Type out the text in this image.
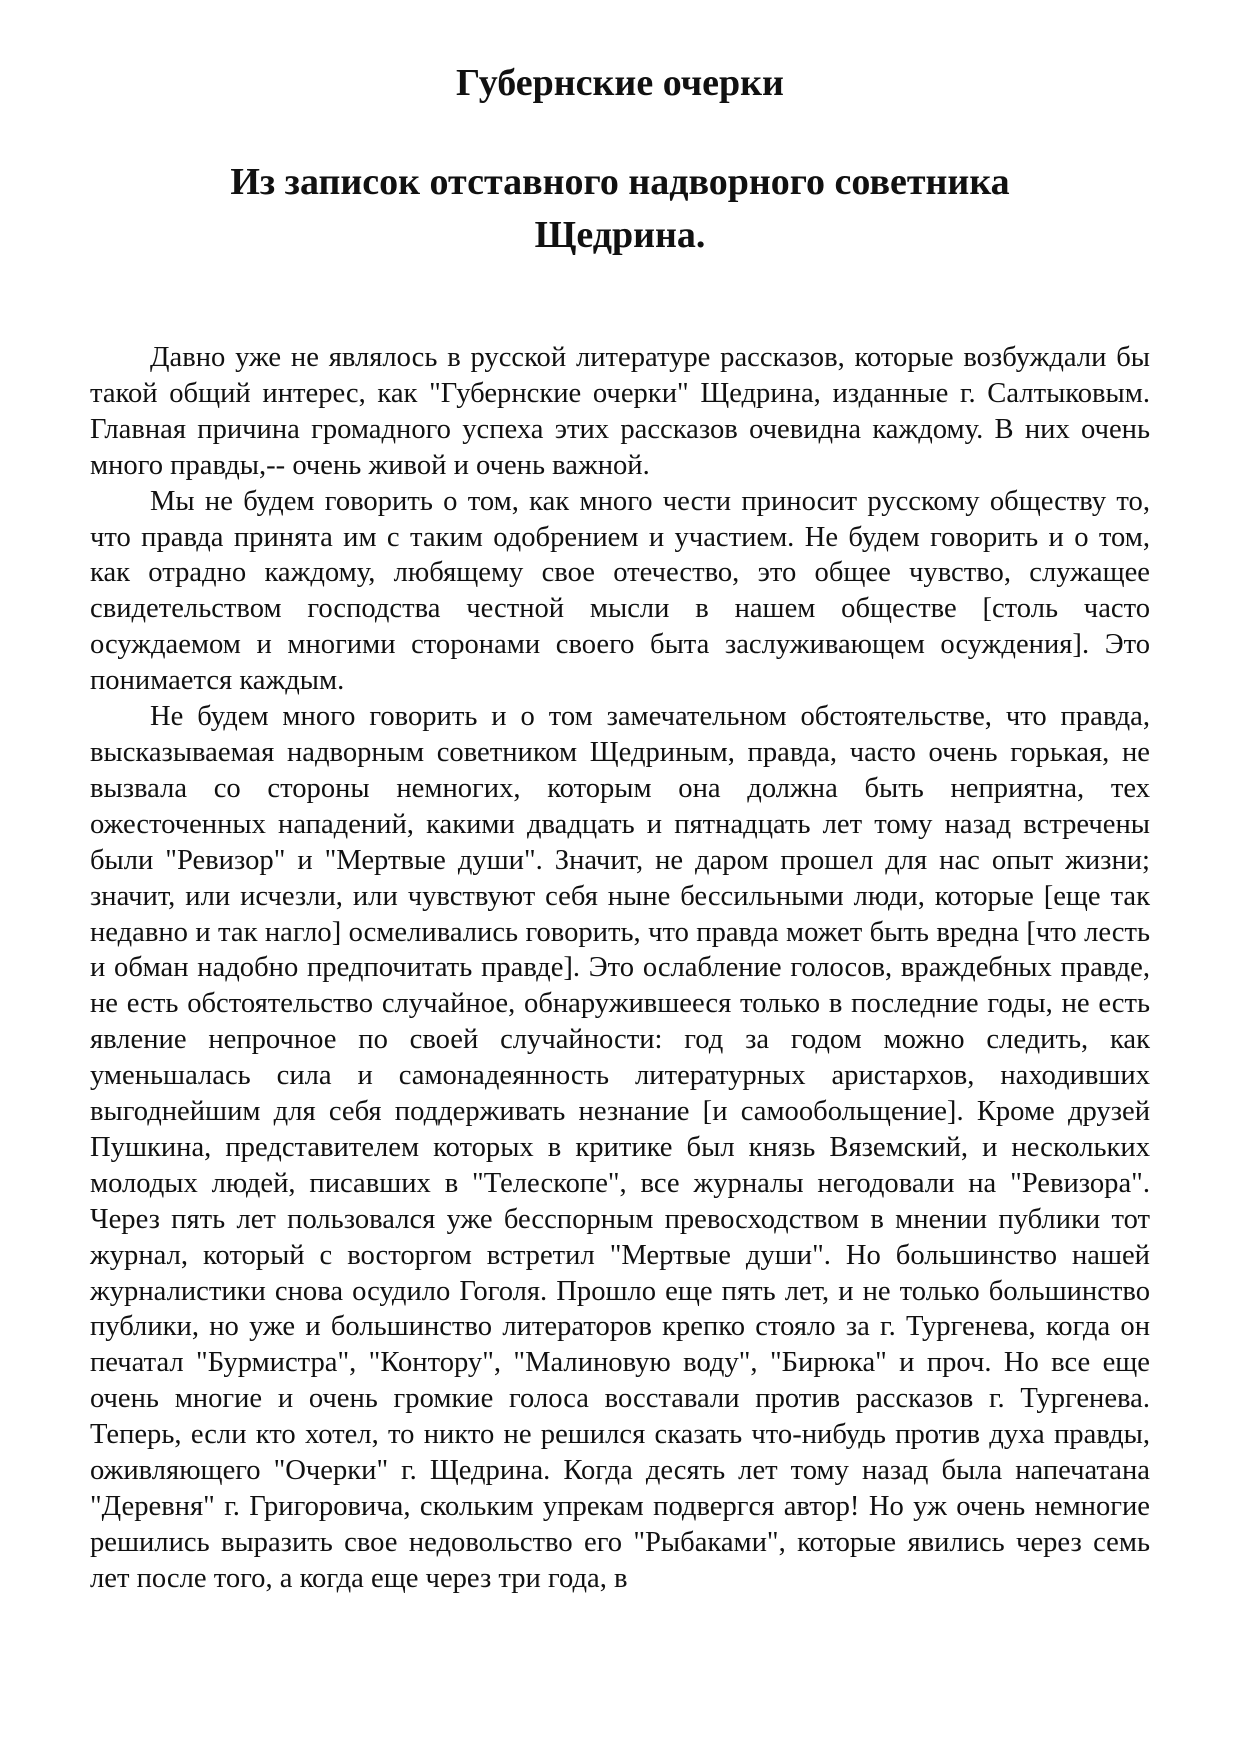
Губернские очерки
Из записок отставного надворного советника
Щедрина.

Давно уже не являлось в русской литературе рассказов, которые возбуждали бы такой общий интерес, как "Губернские очерки" Щедрина, изданные г. Салтыковым. Главная причина громадного успеха этих рассказов очевидна каждому. В них очень много правды,-- очень живой и очень важной.

Мы не будем говорить о том, как много чести приносит русскому обществу то, что правда принята им с таким одобрением и участием. Не будем говорить и о том, как отрадно каждому, любящему свое отечество, это общее чувство, служащее свидетельством господства честной мысли в нашем обществе [столь часто осуждаемом и многими сторонами своего быта заслуживающем осуждения]. Это понимается каждым.

Не будем много говорить и о том замечательном обстоятельстве, что правда, высказываемая надворным советником Щедриным, правда, часто очень горькая, не вызвала со стороны немногих, которым она должна быть неприятна, тех ожесточенных нападений, какими двадцать и пятнадцать лет тому назад встречены были "Ревизор" и "Мертвые души". Значит, не даром прошел для нас опыт жизни; значит, или исчезли, или чувствуют себя ныне бессильными люди, которые [еще так недавно и так нагло] осмеливались говорить, что правда может быть вредна [что лесть и обман надобно предпочитать правде]. Это ослабление голосов, враждебных правде, не есть обстоятельство случайное, обнаружившееся только в последние годы, не есть явление непрочное по своей случайности: год за годом можно следить, как уменьшалась сила и самонадеянность литературных аристархов, находивших выгоднейшим для себя поддерживать незнание [и самообольщение]. Кроме друзей Пушкина, представителем которых в критике был князь Вяземский, и нескольких молодых людей, писавших в "Телескопе", все журналы негодовали на "Ревизора". Через пять лет пользовался уже бесспорным превосходством в мнении публики тот журнал, который с восторгом встретил "Мертвые души". Но большинство нашей журналистики снова осудило Гоголя. Прошло еще пять лет, и не только большинство публики, но уже и большинство литераторов крепко стояло за г. Тургенева, когда он печатал "Бурмистра", "Контору", "Малиновую воду", "Бирюка" и проч. Но все еще очень многие и очень громкие голоса восставали против рассказов г. Тургенева. Теперь, если кто хотел, то никто не решился сказать что-нибудь против духа правды, оживляющего "Очерки" г. Щедрина. Когда десять лет тому назад была напечатана "Деревня" г. Григоровича, скольким упрекам подвергся автор! Но уж очень немногие решились выразить свое недовольство его "Рыбаками", которые явились через семь лет после того, а когда еще через три года, в
